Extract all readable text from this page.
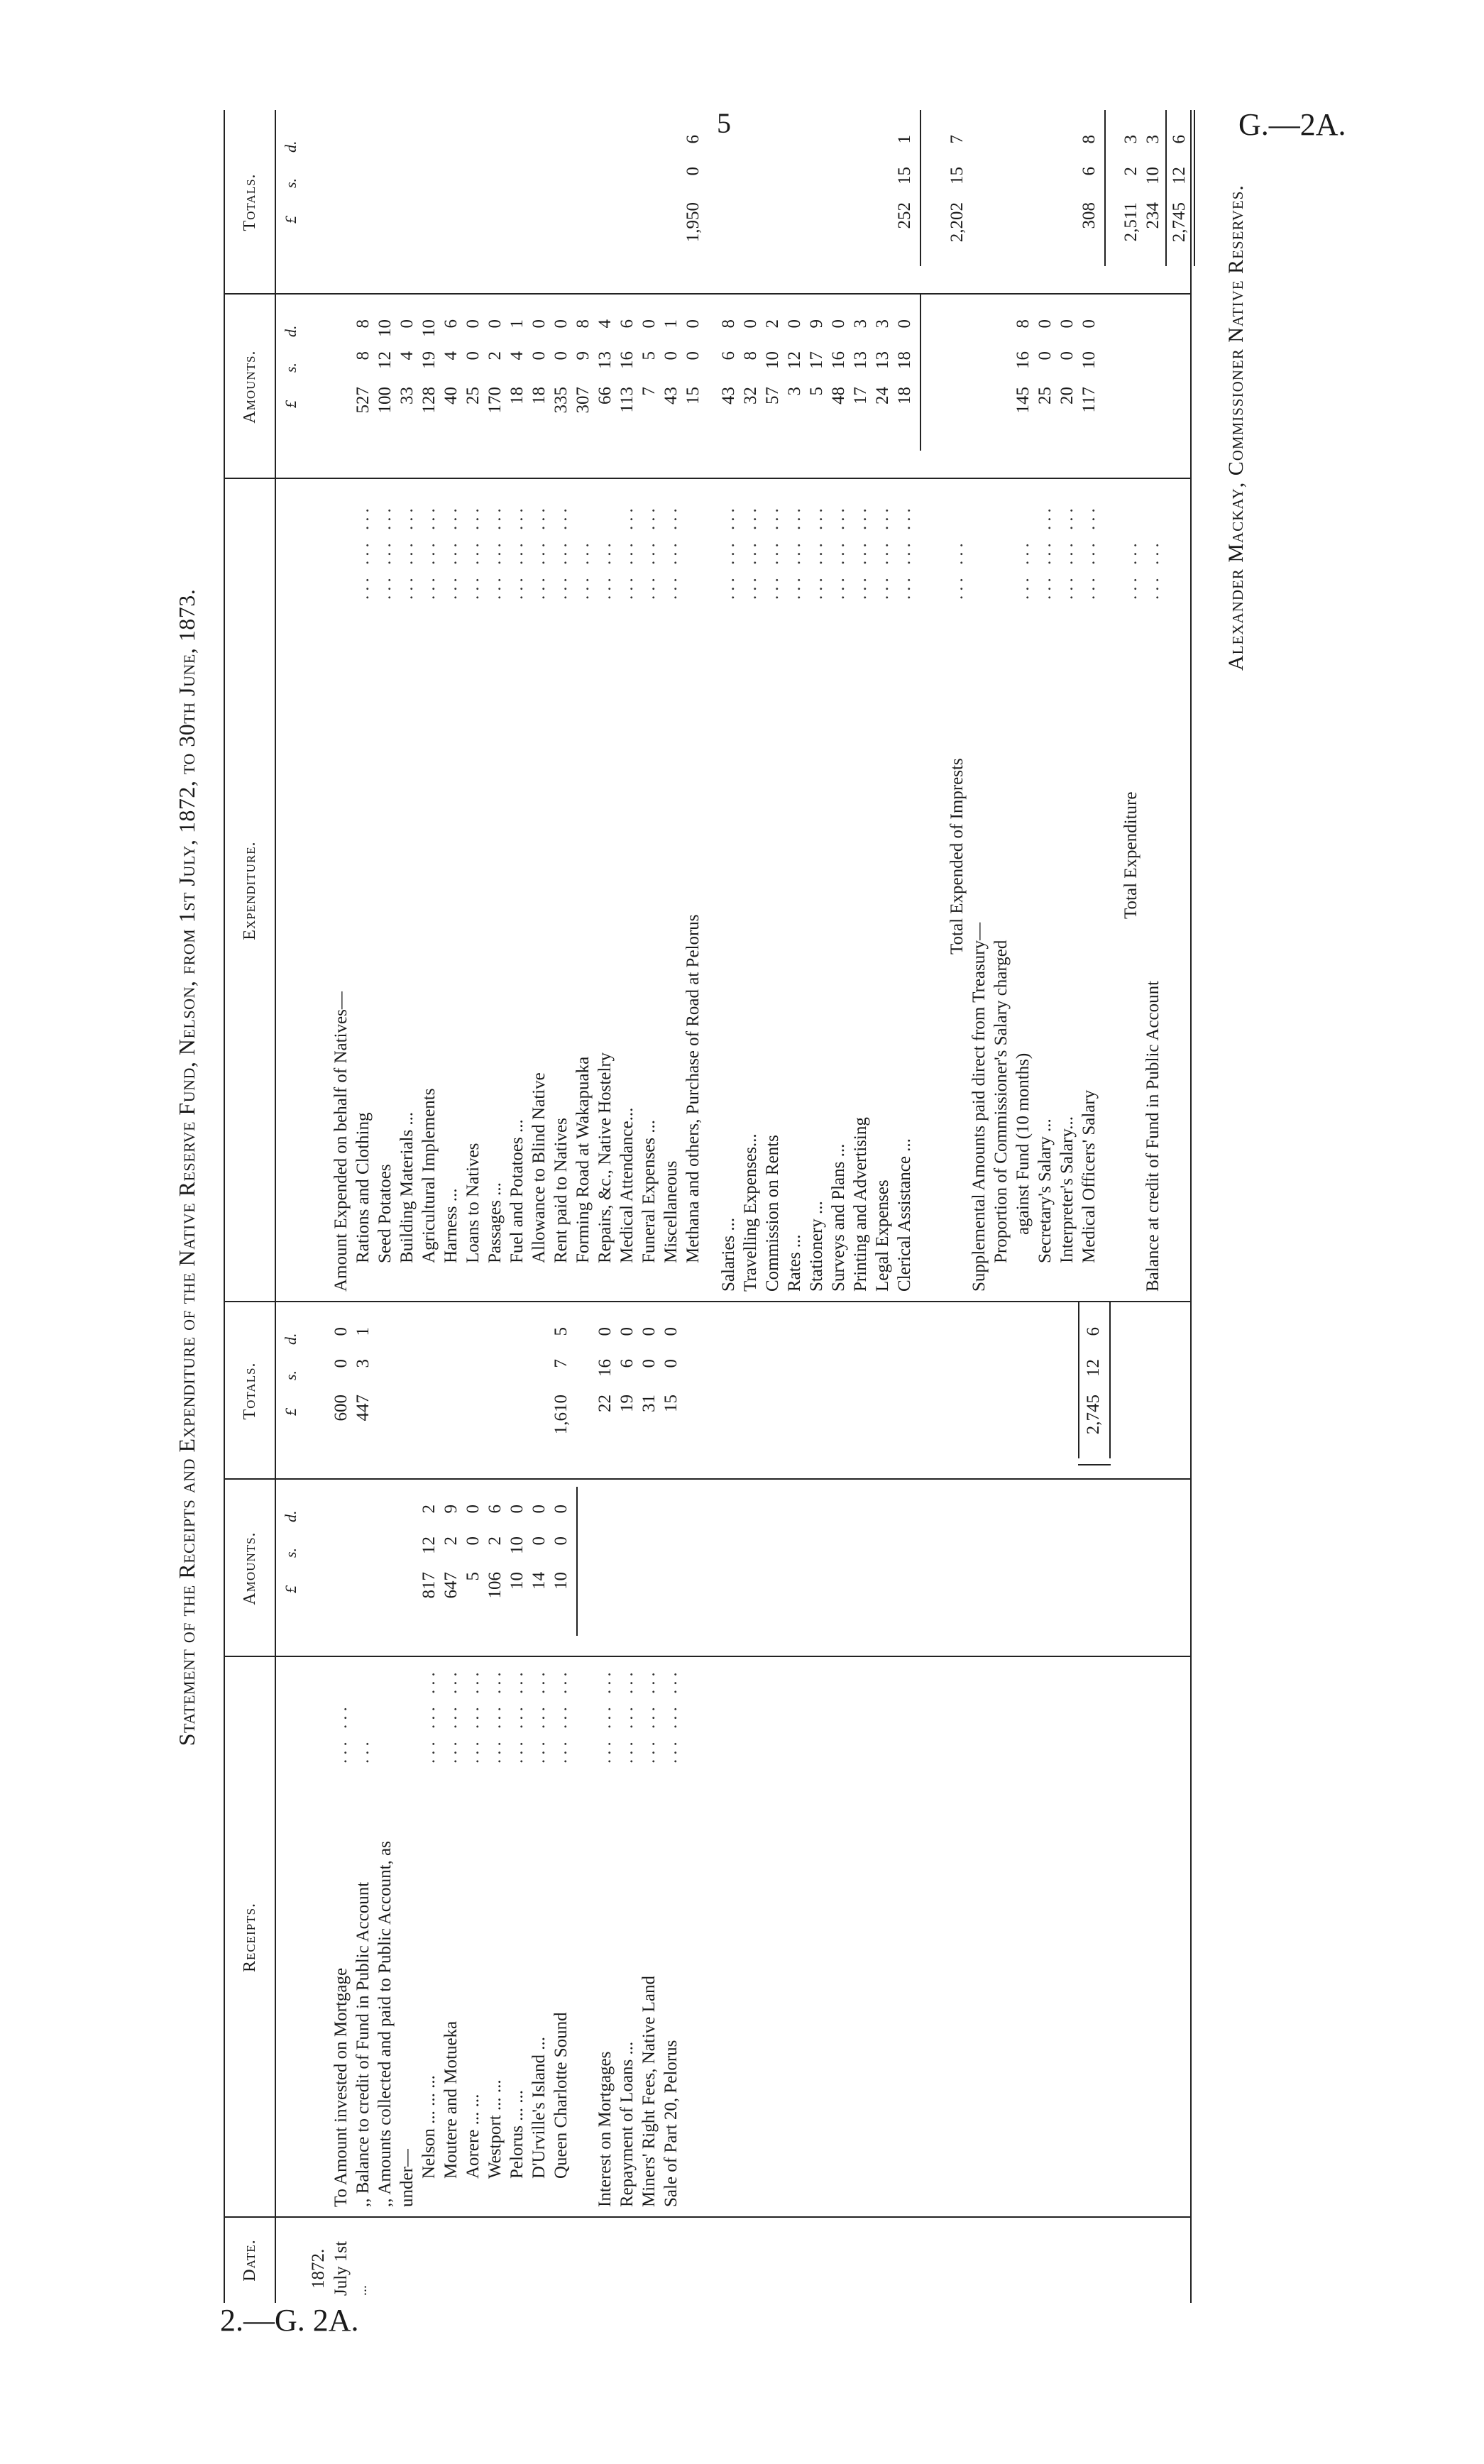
5	G.—2A.
2.—G. 2A.
Statement of the Receipts and Expenditure of the Native Reserve Fund, Nelson, from 1st July, 1872, to 30th June, 1873.
Date.
Receipts.
Amounts.
Totals.
Expenditure.
Amounts.
Totals.
£
s.
d.
£
s.
d.
£
s.
d.
£
s.
d.
1872. July 1st ...
To Amount invested on Mortgage
... ...
600
0
0
,, Balance to credit of Fund in Public Account
...
447
3
1
,, Amounts collected and paid to Public Account, as under— Nelson ... ... ...
... ... ...
817
12
2
Moutere and Motueka
... ... ...
647
2
9
Aorere ... ...
... ... ...
5
0
0
Westport ... ...
... ... ...
106
2
6
Pelorus ... ...
... ... ...
10
10
0
D'Urville's Island ...
... ... ...
14
0
0
Queen Charlotte Sound
... ... ...
10
0
0
1,610
7
5
Interest on Mortgages
... ... ...
22
16
0
Repayment of Loans ...
... ... ...
19
6
0
Miners' Right Fees, Native Land
... ... ...
31
0
0
Sale of Part 20, Pelorus
... ... ...
15
0
0
2,745
12
6
Amount Expended on behalf of Natives— Rations and Clothing
... ... ...
527
8
8
Seed Potatoes
... ... ...
100
12
10
Building Materials ...
... ... ...
33
4
0
Agricultural Implements
... ... ...
128
19
10
Harness ...
... ... ...
40
4
6
Loans to Natives
... ... ...
25
0
0
Passages ...
... ... ...
170
2
0
Fuel and Potatoes ...
... ... ...
18
4
1
Allowance to Blind Native
... ... ...
18
0
0
Rent paid to Natives
... ... ...
335
0
0
Forming Road at Wakapuaka
... ...
307
9
8
Repairs, &c., Native Hostelry
... ...
66
13
4
Medical Attendance...
... ... ...
113
16
6
Funeral Expenses ...
... ... ...
7
5
0
Miscellaneous
... ... ...
43
0
1
Methana and others, Purchase of Road at Pelorus
15
0
0
1,950
0
6
Salaries ...
... ... ...
43
6
8
Travelling Expenses...
... ... ...
32
8
0
Commission on Rents
... ... ...
57
10
2
Rates ...
... ... ...
3
12
0
Stationery ...
... ... ...
5
17
9
Surveys and Plans ...
... ... ...
48
16
0
Printing and Advertising
... ... ...
17
13
3
Legal Expenses
... ... ...
24
13
3
Clerical Assistance ...
... ... ...
18
18
0
252
15
1
Total Expended of Imprests
... ...
2,202
15
7
Supplemental Amounts paid direct from Treasury— Proportion of Commissioner's Salary charged against Fund (10 months)
... ...
145
16
8
Secretary's Salary ...
... ... ...
25
0
0
Interpreter's Salary...
... ... ...
20
0
0
Medical Officers' Salary
... ... ...
117
10
0
308
6
8
Total Expenditure
... ...
2,511
2
3
Balance at credit of Fund in Public Account
... ...
234
10
3
2,745
12
6
Alexander Mackay, Commissioner Native Reserves.
